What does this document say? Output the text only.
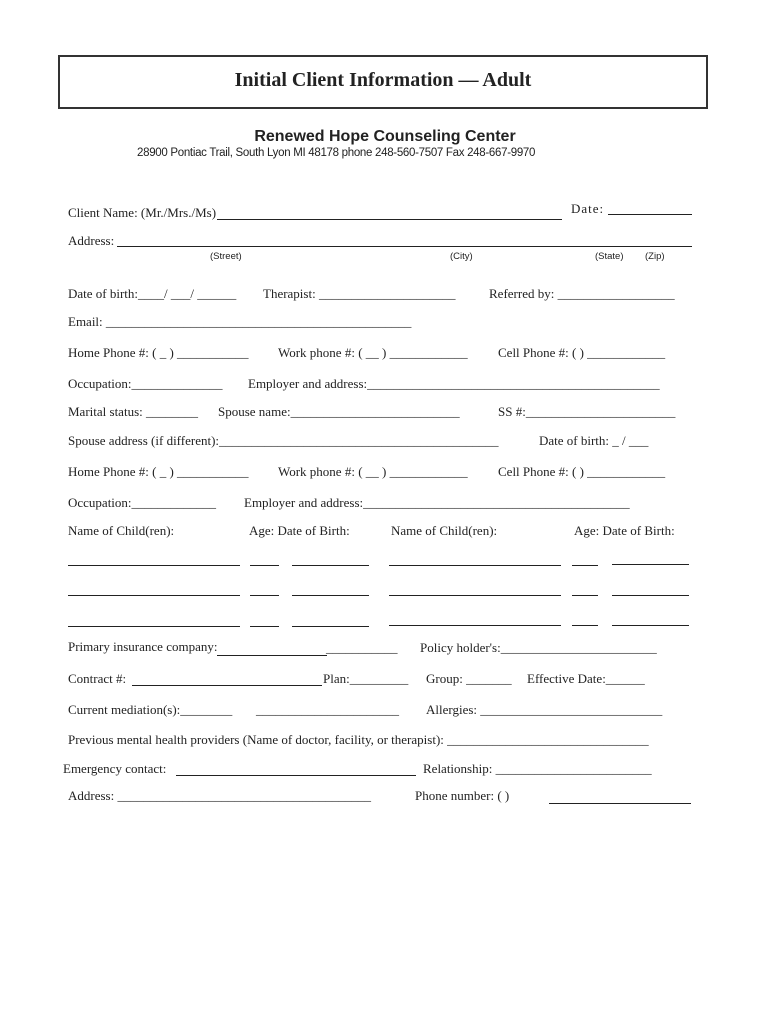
Initial Client Information — Adult
Renewed Hope Counseling Center
28900 Pontiac Trail, South Lyon MI 48178 phone 248-560-7507 Fax 248-667-9970
Client Name: (Mr./Mrs./Ms)	Date:
Address:
(Street)	(City)	(State) (Zip)
Date of birth:____/ ___/ ______ Therapist: _____________________	Referred by: __________________
Email: _______________________________________________
Home Phone #: ( _ ) ___________ Work phone #: ( __ ) ____________ Cell Phone #: ( ) ____________
Occupation:______________ Employer and address:_____________________________________________
Marital status: ________ Spouse name:__________________________	SS #:_______________________
Spouse address (if different):___________________________________________	Date of birth: _ / ___
Home Phone #: ( _ ) ___________ Work phone #: ( __ ) ____________ Cell Phone #: ( ) ____________
Occupation:_____________ Employer and address:_________________________________________
Name of Child(ren):	Age: Date of Birth:	Name of Child(ren):	Age: Date of Birth:
Primary insurance company:	___________ Policy holder's:________________________
Contract #:	Plan:_________ Group: _______ Effective Date:______
Current mediation(s):________ ______________________ Allergies: ____________________________
Previous mental health providers (Name of doctor, facility, or therapist): _______________________________
Emergency contact:	Relationship: ________________________
Address: _______________________________________	Phone number: ( )
